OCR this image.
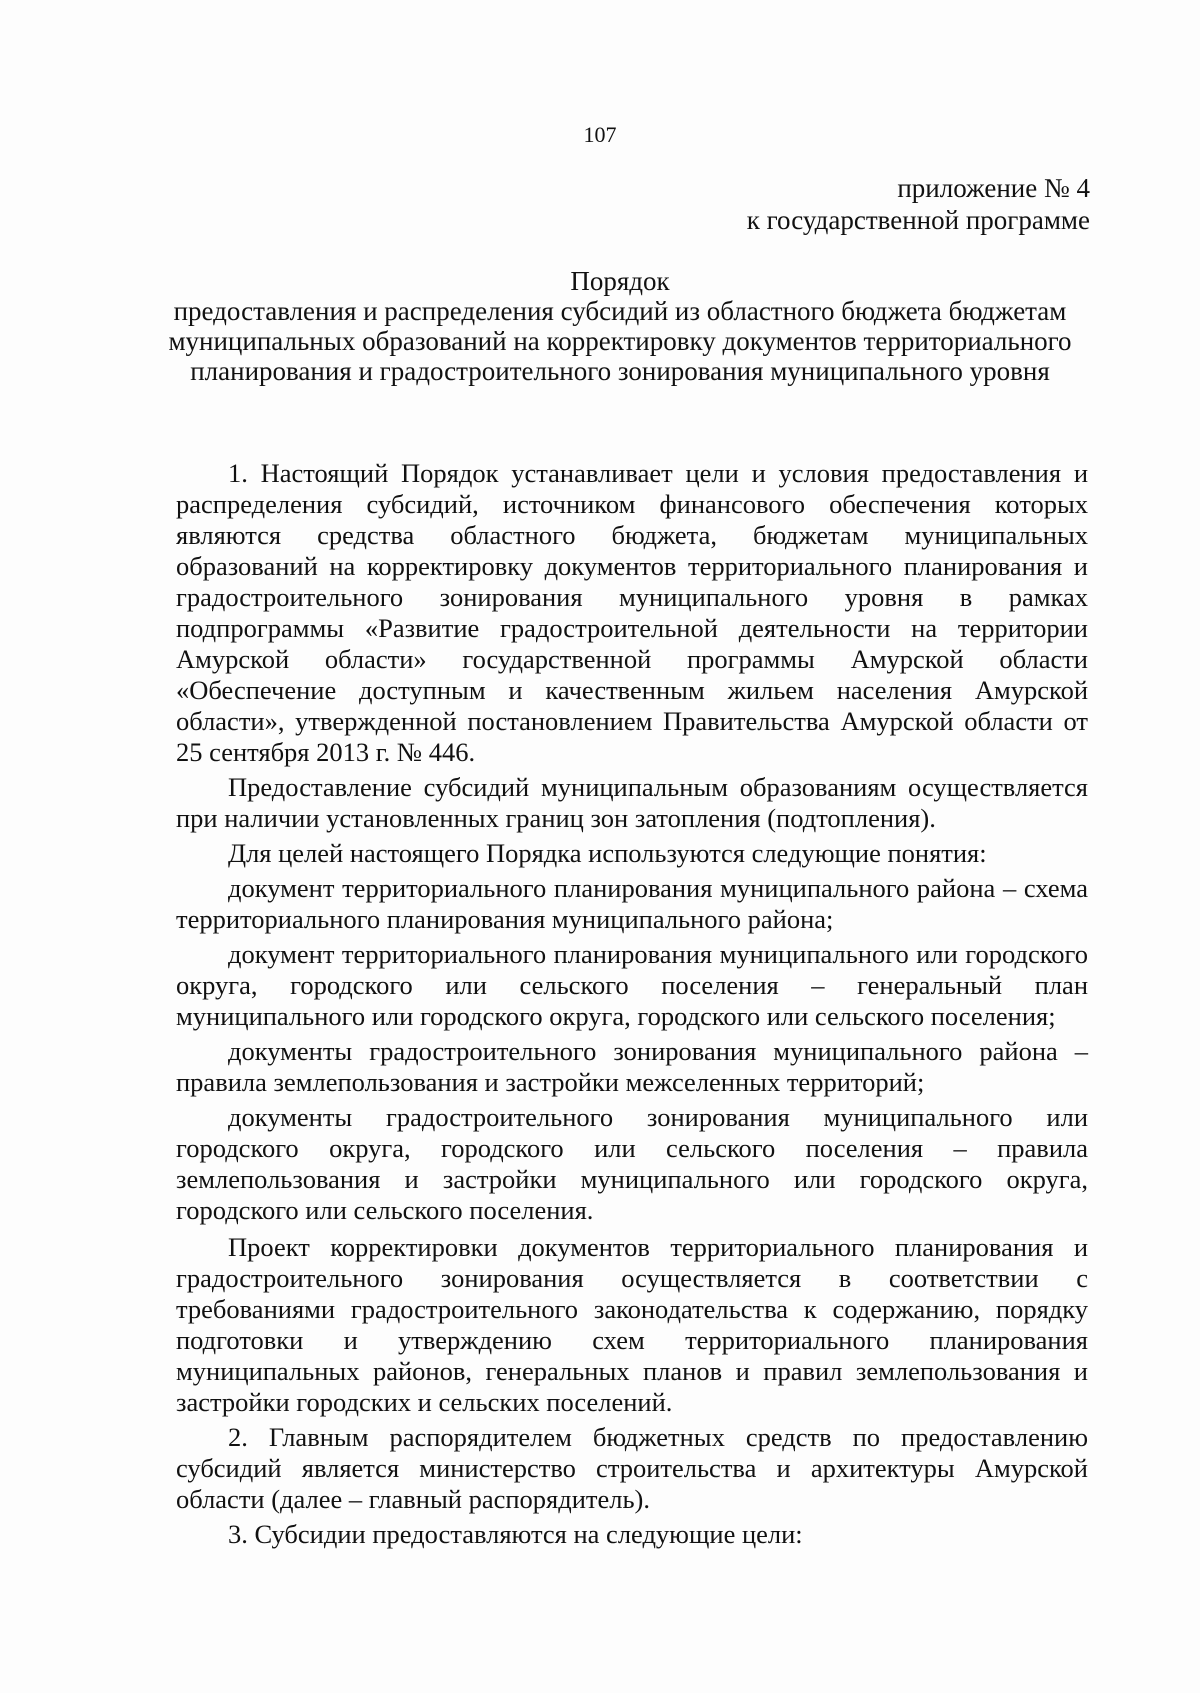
107
приложение № 4
к государственной программе
Порядок
предоставления и распределения субсидий из областного бюджета бюджетам муниципальных образований на корректировку документов территориального планирования и градостроительного зонирования муниципального уровня

1. Настоящий Порядок устанавливает цели и условия предоставления и распределения субсидий, источником финансового обеспечения которых являются средства областного бюджета, бюджетам муниципальных образований на корректировку документов территориального планирования и градостроительного зонирования муниципального уровня в рамках подпрограммы «Развитие градостроительной деятельности на территории Амурской области» государственной программы Амурской области «Обеспечение доступным и качественным жильем населения Амурской области», утвержденной постановлением Правительства Амурской области от 25 сентября 2013 г. № 446.

Предоставление субсидий муниципальным образованиям осуществляется при наличии установленных границ зон затопления (подтопления).

Для целей настоящего Порядка используются следующие понятия:

документ территориального планирования муниципального района – схема территориального планирования муниципального района;

документ территориального планирования муниципального или городского округа, городского или сельского поселения – генеральный план муниципального или городского округа, городского или сельского поселения;

документы градостроительного зонирования муниципального района – правила землепользования и застройки межселенных территорий;

документы градостроительного зонирования муниципального или городского округа, городского или сельского поселения – правила землепользования и застройки муниципального или городского округа, городского или сельского поселения.

Проект корректировки документов территориального планирования и градостроительного зонирования осуществляется в соответствии с требованиями градостроительного законодательства к содержанию, порядку подготовки и утверждению схем территориального планирования муниципальных районов, генеральных планов и правил землепользования и застройки городских и сельских поселений.

2. Главным распорядителем бюджетных средств по предоставлению субсидий является министерство строительства и архитектуры Амурской области (далее – главный распорядитель).

3. Субсидии предоставляются на следующие цели:
